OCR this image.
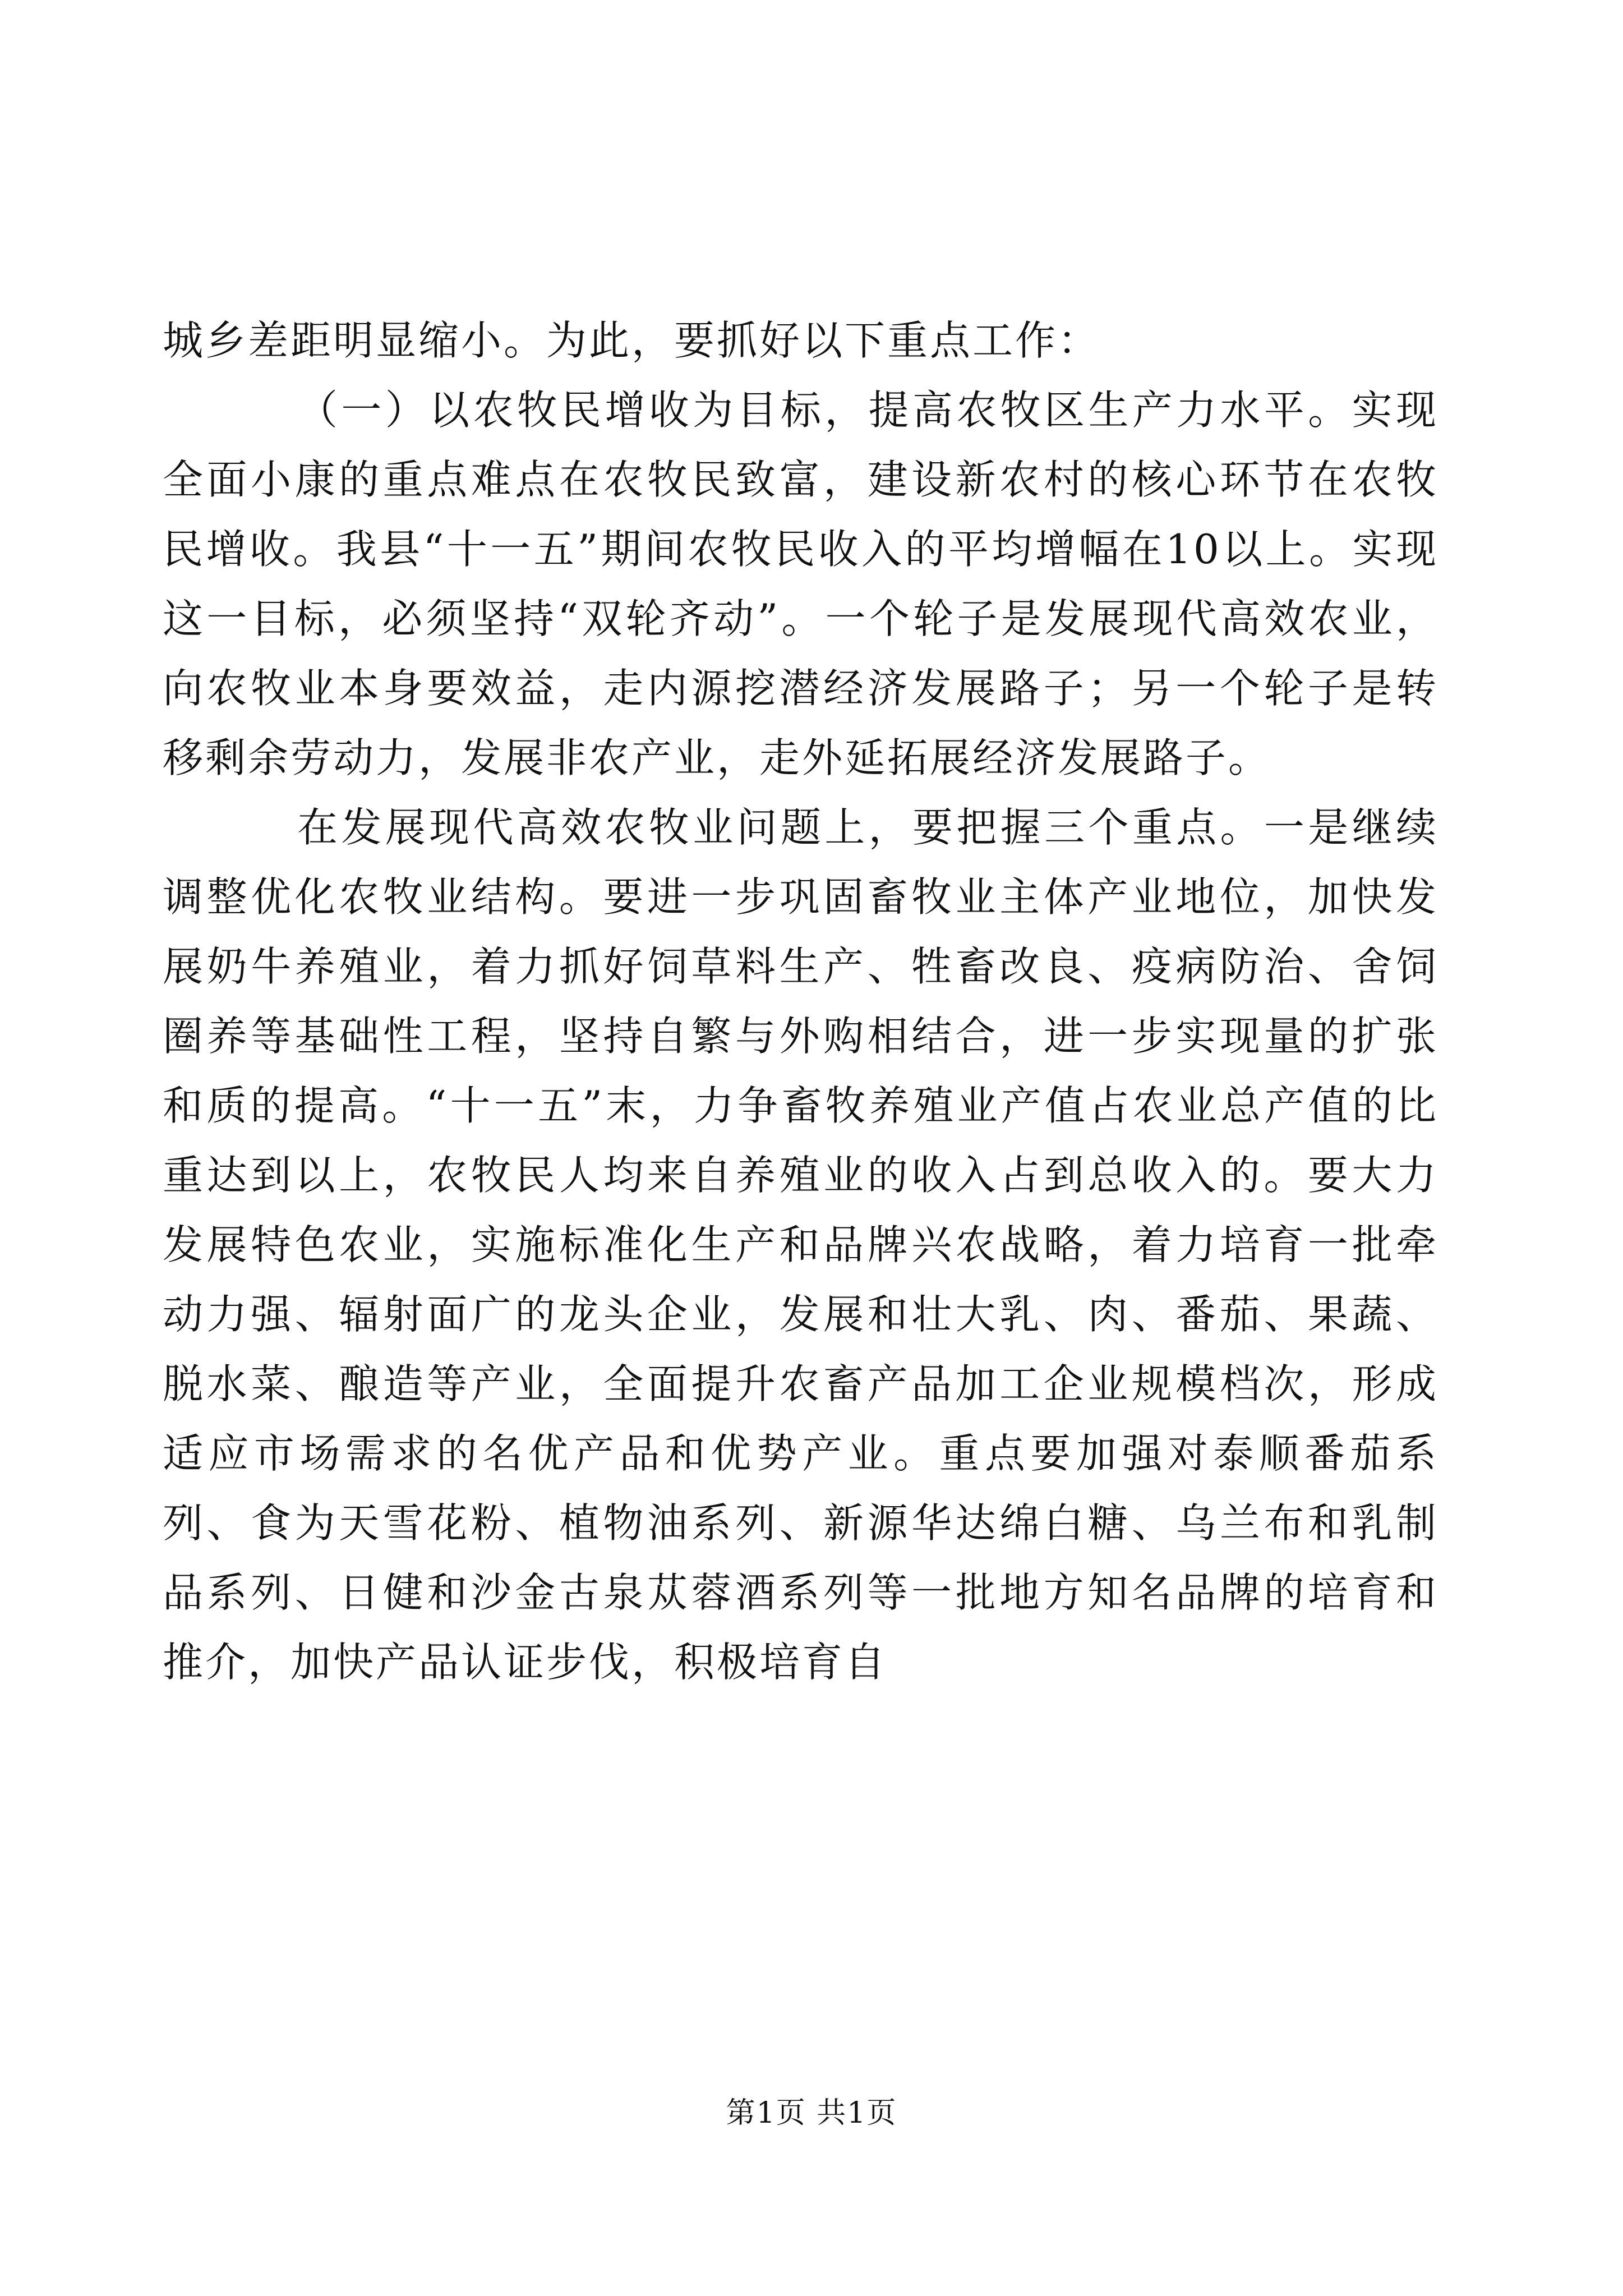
城乡差距明显缩小。为此，要抓好以下重点工作：

（一）以农牧民增收为目标，提高农牧区生产力水平。实现全面小康的重点难点在农牧民致富，建设新农村的核心环节在农牧民增收。我县“十一五”期间农牧民收入的平均增幅在10以上。实现这一目标，必须坚持“双轮齐动”。一个轮子是发展现代高效农业，向农牧业本身要效益，走内源挖潜经济发展路子；另一个轮子是转移剩余劳动力，发展非农产业，走外延拓展经济发展路子。

在发展现代高效农牧业问题上，要把握三个重点。一是继续调整优化农牧业结构。要进一步巩固畜牧业主体产业地位，加快发展奶牛养殖业，着力抓好饲草料生产、牲畜改良、疫病防治、舍饲圈养等基础性工程，坚持自繁与外购相结合，进一步实现量的扩张和质的提高。“十一五”末，力争畜牧养殖业产值占农业总产值的比重达到以上，农牧民人均来自养殖业的收入占到总收入的。要大力发展特色农业，实施标准化生产和品牌兴农战略，着力培育一批牵动力强、辐射面广的龙头企业，发展和壮大乳、肉、番茄、果蔬、脱水菜、酿造等产业，全面提升农畜产品加工企业规模档次，形成适应市场需求的名优产品和优势产业。重点要加强对泰顺番茄系列、食为天雪花粉、植物油系列、新源华达绵白糖、乌兰布和乳制品系列、日健和沙金古泉苁蓉酒系列等一批地方知名品牌的培育和推介，加快产品认证步伐，积极培育自

第1页 共1页
